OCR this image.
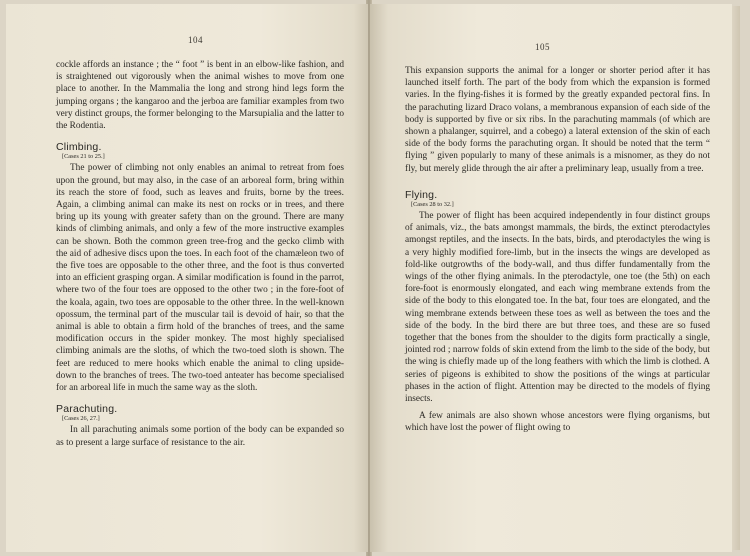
104

cockle affords an instance ; the “ foot ” is bent in an elbow-like fashion, and is straightened out vigorously when the animal wishes to move from one place to another. In the Mammalia the long and strong hind legs form the jumping organs ; the kangaroo and the jerboa are familiar examples from two very distinct groups, the former belonging to the Marsupialia and the latter to the Rodentia.

Climbing.
[Cases 21 to 25.]

The power of climbing not only enables an animal to retreat from foes upon the ground, but may also, in the case of an arboreal form, bring within its reach the store of food, such as leaves and fruits, borne by the trees. Again, a climbing animal can make its nest on rocks or in trees, and there bring up its young with greater safety than on the ground. There are many kinds of climbing animals, and only a few of the more instructive examples can be shown. Both the common green tree-frog and the gecko climb with the aid of adhesive discs upon the toes. In each foot of the chamæleon two of the five toes are opposable to the other three, and the foot is thus converted into an efficient grasping organ. A similar modification is found in the parrot, where two of the four toes are opposed to the other two ; in the fore-foot of the koala, again, two toes are opposable to the other three. In the well-known opossum, the terminal part of the muscular tail is devoid of hair, so that the animal is able to obtain a firm hold of the branches of trees, and the same modification occurs in the spider monkey. The most highly specialised climbing animals are the sloths, of which the two-toed sloth is shown. The feet are reduced to mere hooks which enable the animal to cling upside-down to the branches of trees. The two-toed anteater has become specialised for an arboreal life in much the same way as the sloth.

Parachuting.
[Cases 26, 27.]

In all parachuting animals some portion of the body can be expanded so as to present a large surface of resistance to the air.

105

This expansion supports the animal for a longer or shorter period after it has launched itself forth. The part of the body from which the expansion is formed varies. In the flying-fishes it is formed by the greatly expanded pectoral fins. In the parachuting lizard Draco volans, a membranous expansion of each side of the body is supported by five or six ribs. In the parachuting mammals (of which are shown a phalanger, squirrel, and a cobego) a lateral extension of the skin of each side of the body forms the parachuting organ. It should be noted that the term “ flying ” given popularly to many of these animals is a misnomer, as they do not fly, but merely glide through the air after a preliminary leap, usually from a tree.

Flying.
[Cases 28 to 32.]

The power of flight has been acquired independently in four distinct groups of animals, viz., the bats amongst mammals, the birds, the extinct pterodactyles amongst reptiles, and the insects. In the bats, birds, and pterodactyles the wing is a very highly modified fore-limb, but in the insects the wings are developed as fold-like outgrowths of the body-wall, and thus differ fundamentally from the wings of the other flying animals. In the pterodactyle, one toe (the 5th) on each fore-foot is enormously elongated, and each wing membrane extends from the side of the body to this elongated toe. In the bat, four toes are elongated, and the wing membrane extends between these toes as well as between the toes and the side of the body. In the bird there are but three toes, and these are so fused together that the bones from the shoulder to the digits form practically a single, jointed rod ; narrow folds of skin extend from the limb to the side of the body, but the wing is chiefly made up of the long feathers with which the limb is clothed. A series of pigeons is exhibited to show the positions of the wings at particular phases in the action of flight. Attention may be directed to the models of flying insects.

A few animals are also shown whose ancestors were flying organisms, but which have lost the power of flight owing to
